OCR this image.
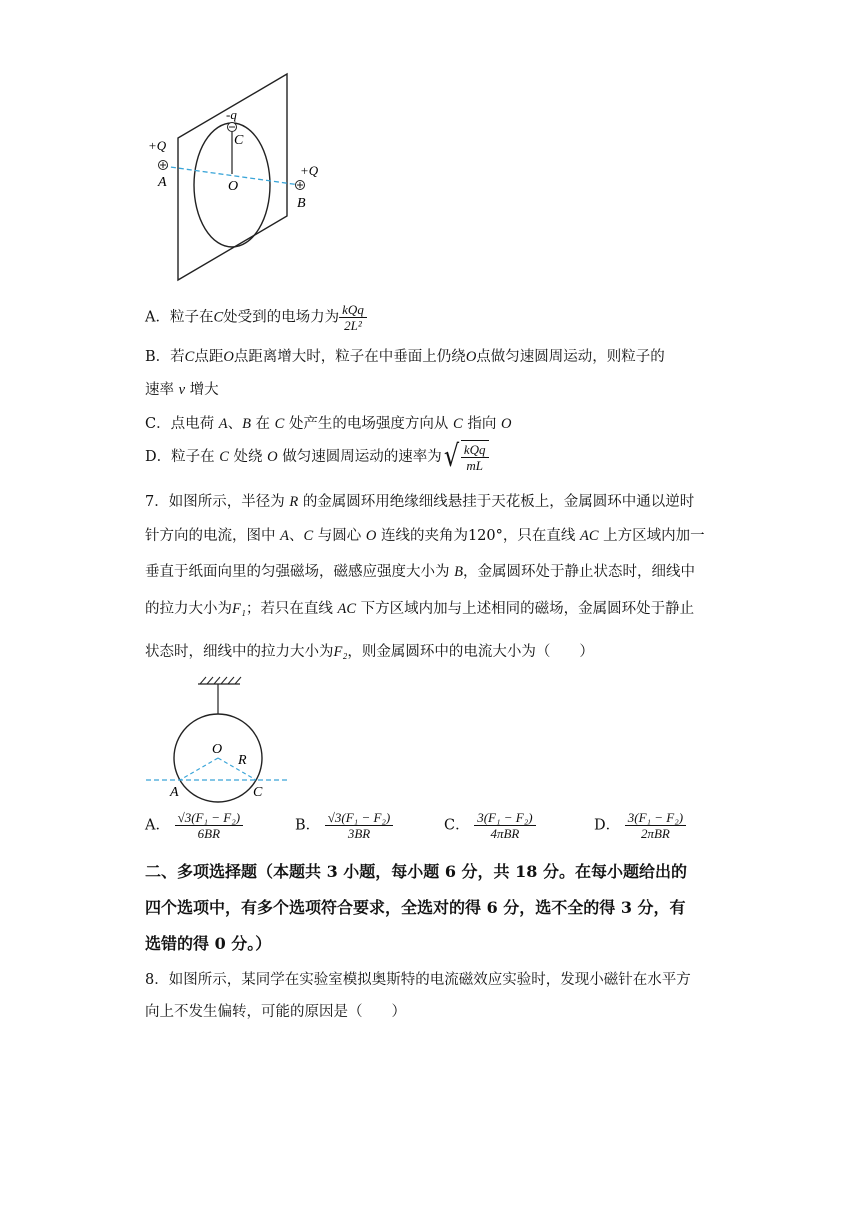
-q
C
+Q
A	O
+Q
B
A．粒子在C处受到的电场力为 $\frac{\text{kQq}}{\text{2L²}}$
B．若C点距O点距离增大时，粒子在中垂面上仍绕O点做匀速圆周运动，则粒子的
速率 v 增大
C．点电荷 A、B 在 C 处产生的电场强度方向从 C 指向 O
D．粒子在 C 处绕 O 做匀速圆周运动的速率为 √ $\frac{\text{kQq}}{mL}$
7．如图所示，半径为 R 的金属圆环用绝缘细线悬挂于天花板上，金属圆环中通以逆时
针方向的电流，图中 A、C 与圆心 O 连线的夹角为120°，只在直线 AC 上方区域内加一
垂直于纸面向里的匀强磁场，磁感应强度大小为 B，金属圆环处于静止状态时，细线中
的拉力大小为F₁；若只在直线 AC 下方区域内加与上述相同的磁场，金属圆环处于静止
状态时，细线中的拉力大小为F₂，则金属圆环中的电流大小为（　　）
O
R
A	C
A． $\frac{\text{√3(F₁ − F₂)}}{6BR}$	B． $\frac{\text{√3(F₁ − F₂)}}{3BR}$	C． $\frac{\text{3(F₁ − F₂)}}{\text{4πBR}}$	D． $\frac{\text{3(F₁ − F₂)}}{\text{2πBR}}$
二、多项选择题（本题共 3 小题，每小题 6 分，共 18 分。在每小题给出的
四个选项中，有多个选项符合要求，全选对的得 6 分，选不全的得 3 分，有
选错的得 0 分。）
8．如图所示，某同学在实验室模拟奥斯特的电流磁效应实验时，发现小磁针在水平方
向上不发生偏转，可能的原因是（　　）
